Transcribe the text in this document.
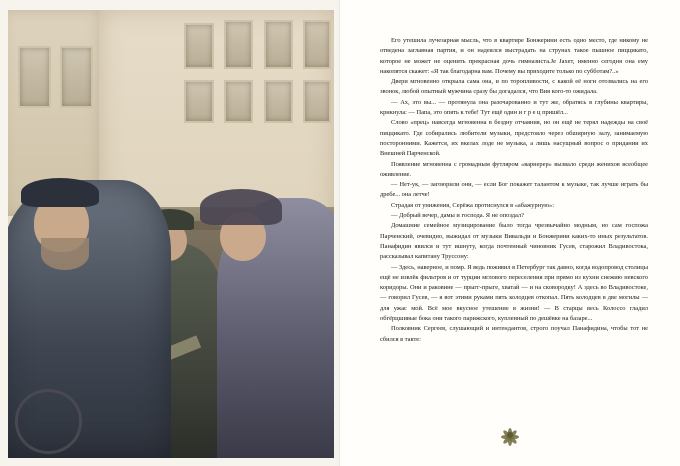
Его утешила лучезарная мысль, что в квартире Бонжерини есть одно место, где никому не отведена заглавная партия, и он надеялся выстрадать на струнах такое пышное пиццикато, которое не может не оценить прекрасная дочь гимназиста.Jе Jaxeт, именно сегодня она ему накопятся скажет: «Я так благодарна вам. Почему вы приходите только по субботам?..»

Двери мгновенно открыла сама она, и по торопливости, с какой её ноги отозвались на его звонок, любой опытный мужчина сразу бы догадался, что Вия кого-то ожидала.

— Ах, это вы... — протянула она разочарованно и тут же, обратясь в глубины квартиры, крикнула: — Папа, это опять к тебе! Тут ещё один и г р е ц пришёл...

Слово «прец» навсегда мгновенна в бездну отчаяния, но он ещё не терял надежды на своё пиццикато. Где собирались любители музыки, предстояло через обширную залу, занимаемую посторонними. Кажется, их вкелах лоде не музыка, а лишь насущный вопрос о придании их Внешней Парченской.

Появление мгновенна с громадным футляром «варнерер» вызвало среди женихов всеобщее оживление.

— Нет-ук, — загоюрили они, — если Бог покажет талантом к музыке, так лучше играть бы дребе... она летче!

Страдая от унижения, Серёжа протиснулся в «абажурную»:

— Добрый вечер, дамы и господа. Я не опоздал?

Домашние семейное музицирование было тогда чрезвычайно модным, но сам госпожа Парченский, очевидно, выжидал от музыки Вивальди и Бонжерини каких-то иных результатов. Панафидин явился и тут ишнуту, когда почтенный чиновник Гусев, старожил Владивостока, рассказывал капитану Труссону:

— Здесь, наверное, и помр. Я ведь поживил в Петербург так давно, когда водопровод столицы ещё не извлёк фильтров и от турции мглового переселения при прямо из кухни снежию невского коридоры. Они и раковине — прыгг-прыге, хватай — и на сковородку! А здесь во Владивостоке, — говорил Гусев, — я вот этими руками пять колодцев откопал. Пять колодцев в две могилы — для ужас мой. Всё мое вкусное утешение в жизни! — В старцы весь Колоссо гладил обгёрцшивые бока они такого парижского, купленный по дешёвке на базаре...

Полковник Сергеев, слушающий и интендантов, строго поучал Панафидина, чтобы тот не сбился в такте:
